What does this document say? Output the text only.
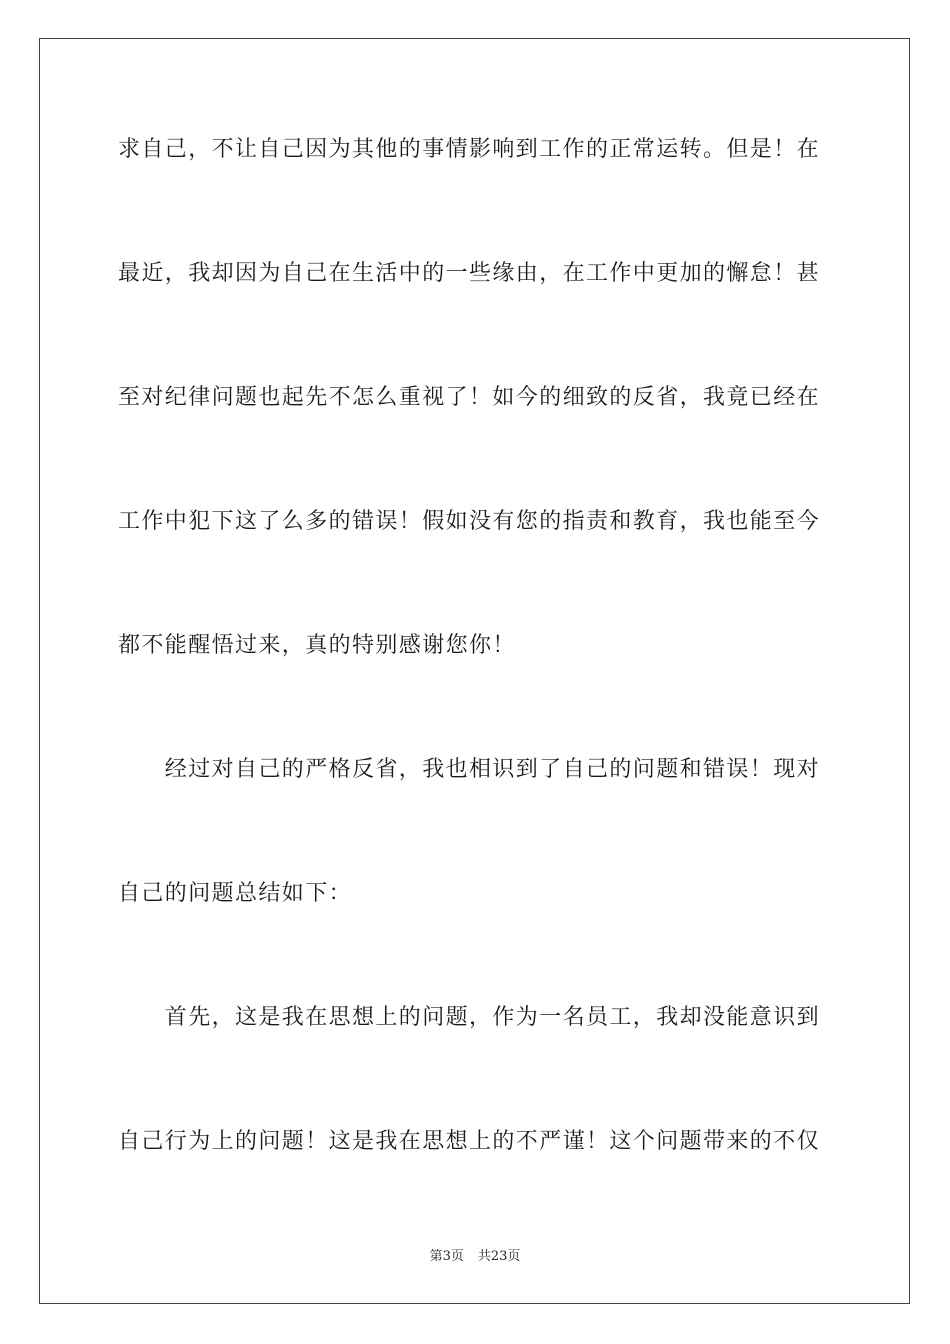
求自己，不让自己因为其他的事情影响到工作的正常运转。但是！在
最近，我却因为自己在生活中的一些缘由，在工作中更加的懈怠！甚
至对纪律问题也起先不怎么重视了！如今的细致的反省，我竟已经在
工作中犯下这了么多的错误！假如没有您的指责和教育，我也能至今
都不能醒悟过来，真的特别感谢您你！
　　经过对自己的严格反省，我也相识到了自己的问题和错误！现对
自己的问题总结如下：
　　首先，这是我在思想上的问题，作为一名员工，我却没能意识到
自己行为上的问题！这是我在思想上的不严谨！这个问题带来的不仅
第3页 共23页
